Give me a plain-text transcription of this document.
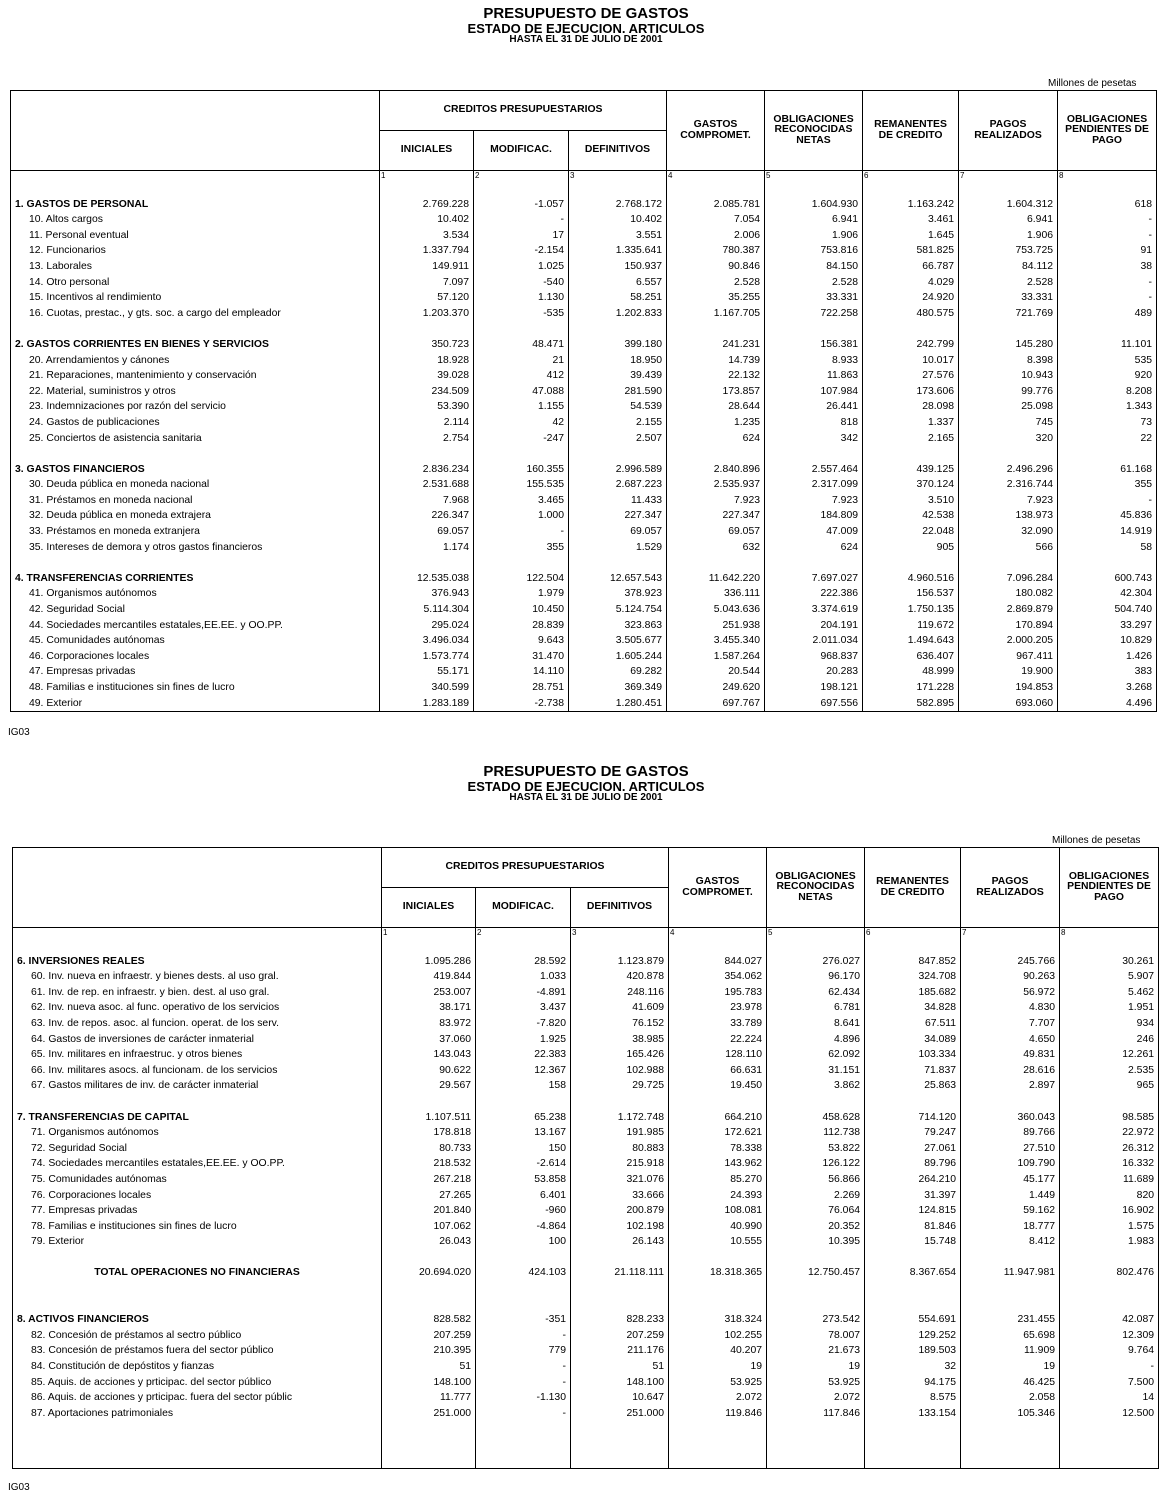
PRESUPUESTO DE GASTOS
ESTADO DE EJECUCION. ARTICULOS
HASTA EL 31 DE JULIO DE 2001
Millones de pesetas
	CREDITOS PRESUPUESTARIOS			GASTOS
COMPROMET.	OBLIGACIONES
RECONOCIDAS
NETAS	REMANENTES
DE CREDITO	PAGOS
REALIZADOS	OBLIGACIONES
PENDIENTES DE
PAGO
	INICIALES	MODIFICAC.	DEFINITIVOS					
	1	2	3	4	5	6	7	8

1. GASTOS DE PERSONAL	2.769.228	-1.057	2.768.172	2.085.781	1.604.930	1.163.242	1.604.312	618
10. Altos cargos	10.402	-	10.402	7.054	6.941	3.461	6.941	-
11. Personal eventual	3.534	17	3.551	2.006	1.906	1.645	1.906	-
12. Funcionarios	1.337.794	-2.154	1.335.641	780.387	753.816	581.825	753.725	91
13. Laborales	149.911	1.025	150.937	90.846	84.150	66.787	84.112	38
14. Otro personal	7.097	-540	6.557	2.528	2.528	4.029	2.528	-
15. Incentivos al rendimiento	57.120	1.130	58.251	35.255	33.331	24.920	33.331	-
16. Cuotas, prestac., y gts. soc. a cargo del empleador	1.203.370	-535	1.202.833	1.167.705	722.258	480.575	721.769	489

2. GASTOS CORRIENTES EN BIENES Y SERVICIOS	350.723	48.471	399.180	241.231	156.381	242.799	145.280	11.101
20. Arrendamientos y cánones	18.928	21	18.950	14.739	8.933	10.017	8.398	535
21. Reparaciones, mantenimiento y conservación	39.028	412	39.439	22.132	11.863	27.576	10.943	920
22. Material, suministros y otros	234.509	47.088	281.590	173.857	107.984	173.606	99.776	8.208
23. Indemnizaciones por razón del servicio	53.390	1.155	54.539	28.644	26.441	28.098	25.098	1.343
24. Gastos de publicaciones	2.114	42	2.155	1.235	818	1.337	745	73
25. Conciertos de asistencia sanitaria	2.754	-247	2.507	624	342	2.165	320	22

3. GASTOS FINANCIEROS	2.836.234	160.355	2.996.589	2.840.896	2.557.464	439.125	2.496.296	61.168
30. Deuda pública en moneda nacional	2.531.688	155.535	2.687.223	2.535.937	2.317.099	370.124	2.316.744	355
31. Préstamos en moneda nacional	7.968	3.465	11.433	7.923	7.923	3.510	7.923	-
32. Deuda pública en moneda extrajera	226.347	1.000	227.347	227.347	184.809	42.538	138.973	45.836
33. Préstamos en moneda extranjera	69.057	-	69.057	69.057	47.009	22.048	32.090	14.919
35. Intereses de demora y otros gastos financieros	1.174	355	1.529	632	624	905	566	58

4. TRANSFERENCIAS CORRIENTES	12.535.038	122.504	12.657.543	11.642.220	7.697.027	4.960.516	7.096.284	600.743
41. Organismos autónomos	376.943	1.979	378.923	336.111	222.386	156.537	180.082	42.304
42. Seguridad Social	5.114.304	10.450	5.124.754	5.043.636	3.374.619	1.750.135	2.869.879	504.740
44. Sociedades mercantiles estatales,EE.EE. y OO.PP.	295.024	28.839	323.863	251.938	204.191	119.672	170.894	33.297
45. Comunidades autónomas	3.496.034	9.643	3.505.677	3.455.340	2.011.034	1.494.643	2.000.205	10.829
46. Corporaciones locales	1.573.774	31.470	1.605.244	1.587.264	968.837	636.407	967.411	1.426
47. Empresas privadas	55.171	14.110	69.282	20.544	20.283	48.999	19.900	383
48. Familias e instituciones sin fines de lucro	340.599	28.751	369.349	249.620	198.121	171.228	194.853	3.268
49. Exterior	1.283.189	-2.738	1.280.451	697.767	697.556	582.895	693.060	4.496
IG03
PRESUPUESTO DE GASTOS
ESTADO DE EJECUCION. ARTICULOS
HASTA EL 31 DE JULIO DE 2001
Millones de pesetas
	CREDITOS PRESUPUESTARIOS			GASTOS
COMPROMET.	OBLIGACIONES
RECONOCIDAS
NETAS	REMANENTES
DE CREDITO	PAGOS
REALIZADOS	OBLIGACIONES
PENDIENTES DE
PAGO
	INICIALES	MODIFICAC.	DEFINITIVOS					
	1	2	3	4	5	6	7	8

6. INVERSIONES REALES	1.095.286	28.592	1.123.879	844.027	276.027	847.852	245.766	30.261
60. Inv. nueva en infraestr. y bienes dests. al uso gral.	419.844	1.033	420.878	354.062	96.170	324.708	90.263	5.907
61. Inv. de rep. en infraestr. y bien. dest. al uso gral.	253.007	-4.891	248.116	195.783	62.434	185.682	56.972	5.462
62. Inv. nueva asoc. al func. operativo de los servicios	38.171	3.437	41.609	23.978	6.781	34.828	4.830	1.951
63. Inv. de repos. asoc. al funcion. operat. de los serv.	83.972	-7.820	76.152	33.789	8.641	67.511	7.707	934
64. Gastos de inversiones de carácter inmaterial	37.060	1.925	38.985	22.224	4.896	34.089	4.650	246
65. Inv. militares en infraestruc. y otros bienes	143.043	22.383	165.426	128.110	62.092	103.334	49.831	12.261
66. Inv. militares asocs. al funcionam. de los servicios	90.622	12.367	102.988	66.631	31.151	71.837	28.616	2.535
67. Gastos militares de inv. de carácter inmaterial	29.567	158	29.725	19.450	3.862	25.863	2.897	965

7. TRANSFERENCIAS DE CAPITAL	1.107.511	65.238	1.172.748	664.210	458.628	714.120	360.043	98.585
71. Organismos autónomos	178.818	13.167	191.985	172.621	112.738	79.247	89.766	22.972
72. Seguridad Social	80.733	150	80.883	78.338	53.822	27.061	27.510	26.312
74. Sociedades mercantiles estatales,EE.EE. y OO.PP.	218.532	-2.614	215.918	143.962	126.122	89.796	109.790	16.332
75. Comunidades autónomas	267.218	53.858	321.076	85.270	56.866	264.210	45.177	11.689
76. Corporaciones locales	27.265	6.401	33.666	24.393	2.269	31.397	1.449	820
77. Empresas privadas	201.840	-960	200.879	108.081	76.064	124.815	59.162	16.902
78. Familias e instituciones sin fines de lucro	107.062	-4.864	102.198	40.990	20.352	81.846	18.777	1.575
79. Exterior	26.043	100	26.143	10.555	10.395	15.748	8.412	1.983

TOTAL OPERACIONES NO FINANCIERAS	20.694.020	424.103	21.118.111	18.318.365	12.750.457	8.367.654	11.947.981	802.476

8. ACTIVOS FINANCIEROS	828.582	-351	828.233	318.324	273.542	554.691	231.455	42.087
82. Concesión de préstamos al sectro público	207.259	-	207.259	102.255	78.007	129.252	65.698	12.309
83. Concesión de préstamos fuera del sector público	210.395	779	211.176	40.207	21.673	189.503	11.909	9.764
84. Constitución de depóstitos y fianzas	51	-	51	19	19	32	19	-
85. Aquis. de acciones y prticipac. del sector público	148.100	-	148.100	53.925	53.925	94.175	46.425	7.500
86. Aquis. de acciones y prticipac. fuera del sector públic	11.777	-1.130	10.647	2.072	2.072	8.575	2.058	14
87. Aportaciones patrimoniales	251.000	-	251.000	119.846	117.846	133.154	105.346	12.500

IG03
